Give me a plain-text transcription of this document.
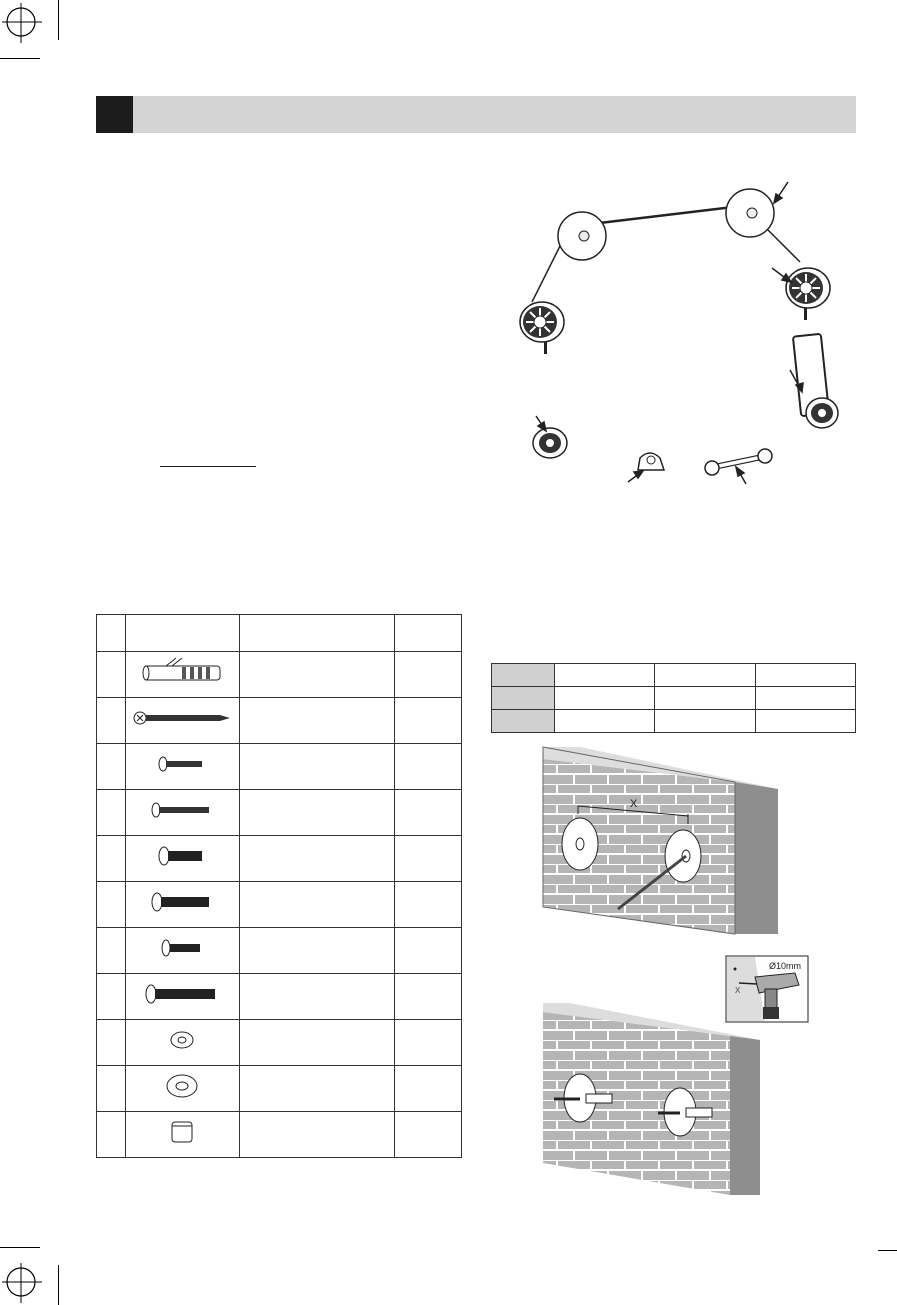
X
X
Ø10mm
